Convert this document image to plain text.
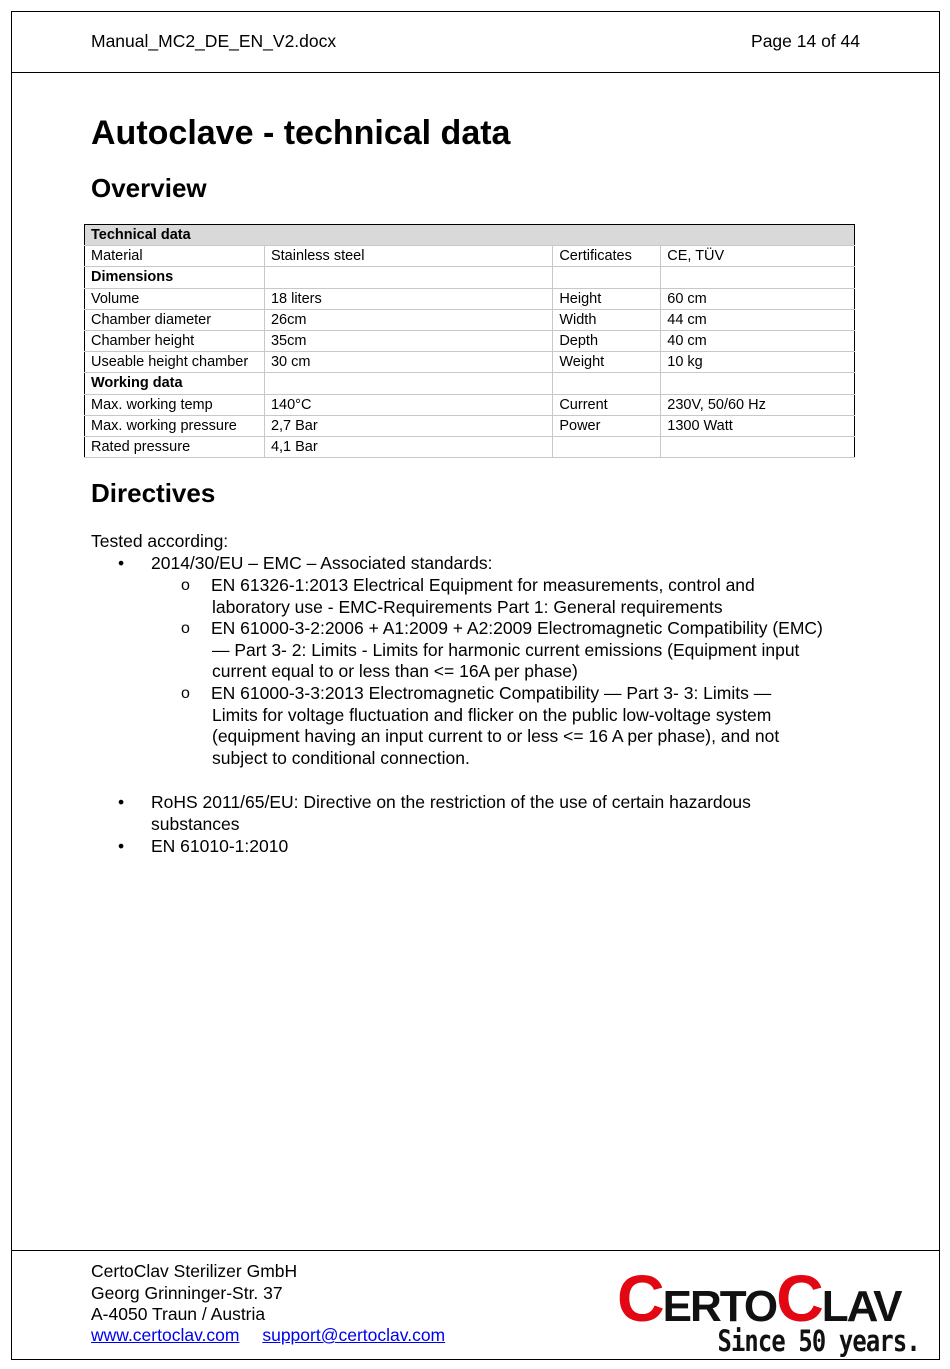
Manual_MC2_DE_EN_V2.docx	Page 14 of 44
Autoclave - technical data
Overview
Technical data			
Material	Stainless steel	Certificates	CE, TÜV
Dimensions			
Volume	18 liters	Height	60 cm
Chamber diameter	26cm	Width	44 cm
Chamber height	35cm	Depth	40 cm
Useable height chamber	30 cm	Weight	10 kg
Working data			
Max. working temp	140°C	Current	230V, 50/60 Hz
Max. working pressure	2,7 Bar	Power	1300 Watt
Rated pressure	4,1 Bar		
Directives
Tested according:
• 2014/30/EU – EMC – Associated standards:
o EN 61326-1:2013 Electrical Equipment for measurements, control and
laboratory use - EMC-Requirements Part 1: General requirements
o EN 61000-3-2:2006 + A1:2009 + A2:2009 Electromagnetic Compatibility (EMC)
— Part 3- 2: Limits - Limits for harmonic current emissions (Equipment input
current equal to or less than <= 16A per phase)
o EN 61000-3-3:2013 Electromagnetic Compatibility — Part 3- 3: Limits —
Limits for voltage fluctuation and flicker on the public low-voltage system
(equipment having an input current to or less <= 16 A per phase), and not
subject to conditional connection.
• RoHS 2011/65/EU: Directive on the restriction of the use of certain hazardous
substances
• EN 61010-1:2010
CertoClav Sterilizer GmbH
Georg Grinninger-Str. 37
A-4050 Traun / Austria
www.certoclav.com support@certoclav.com	CERTOCLAV
Since 50 years.
